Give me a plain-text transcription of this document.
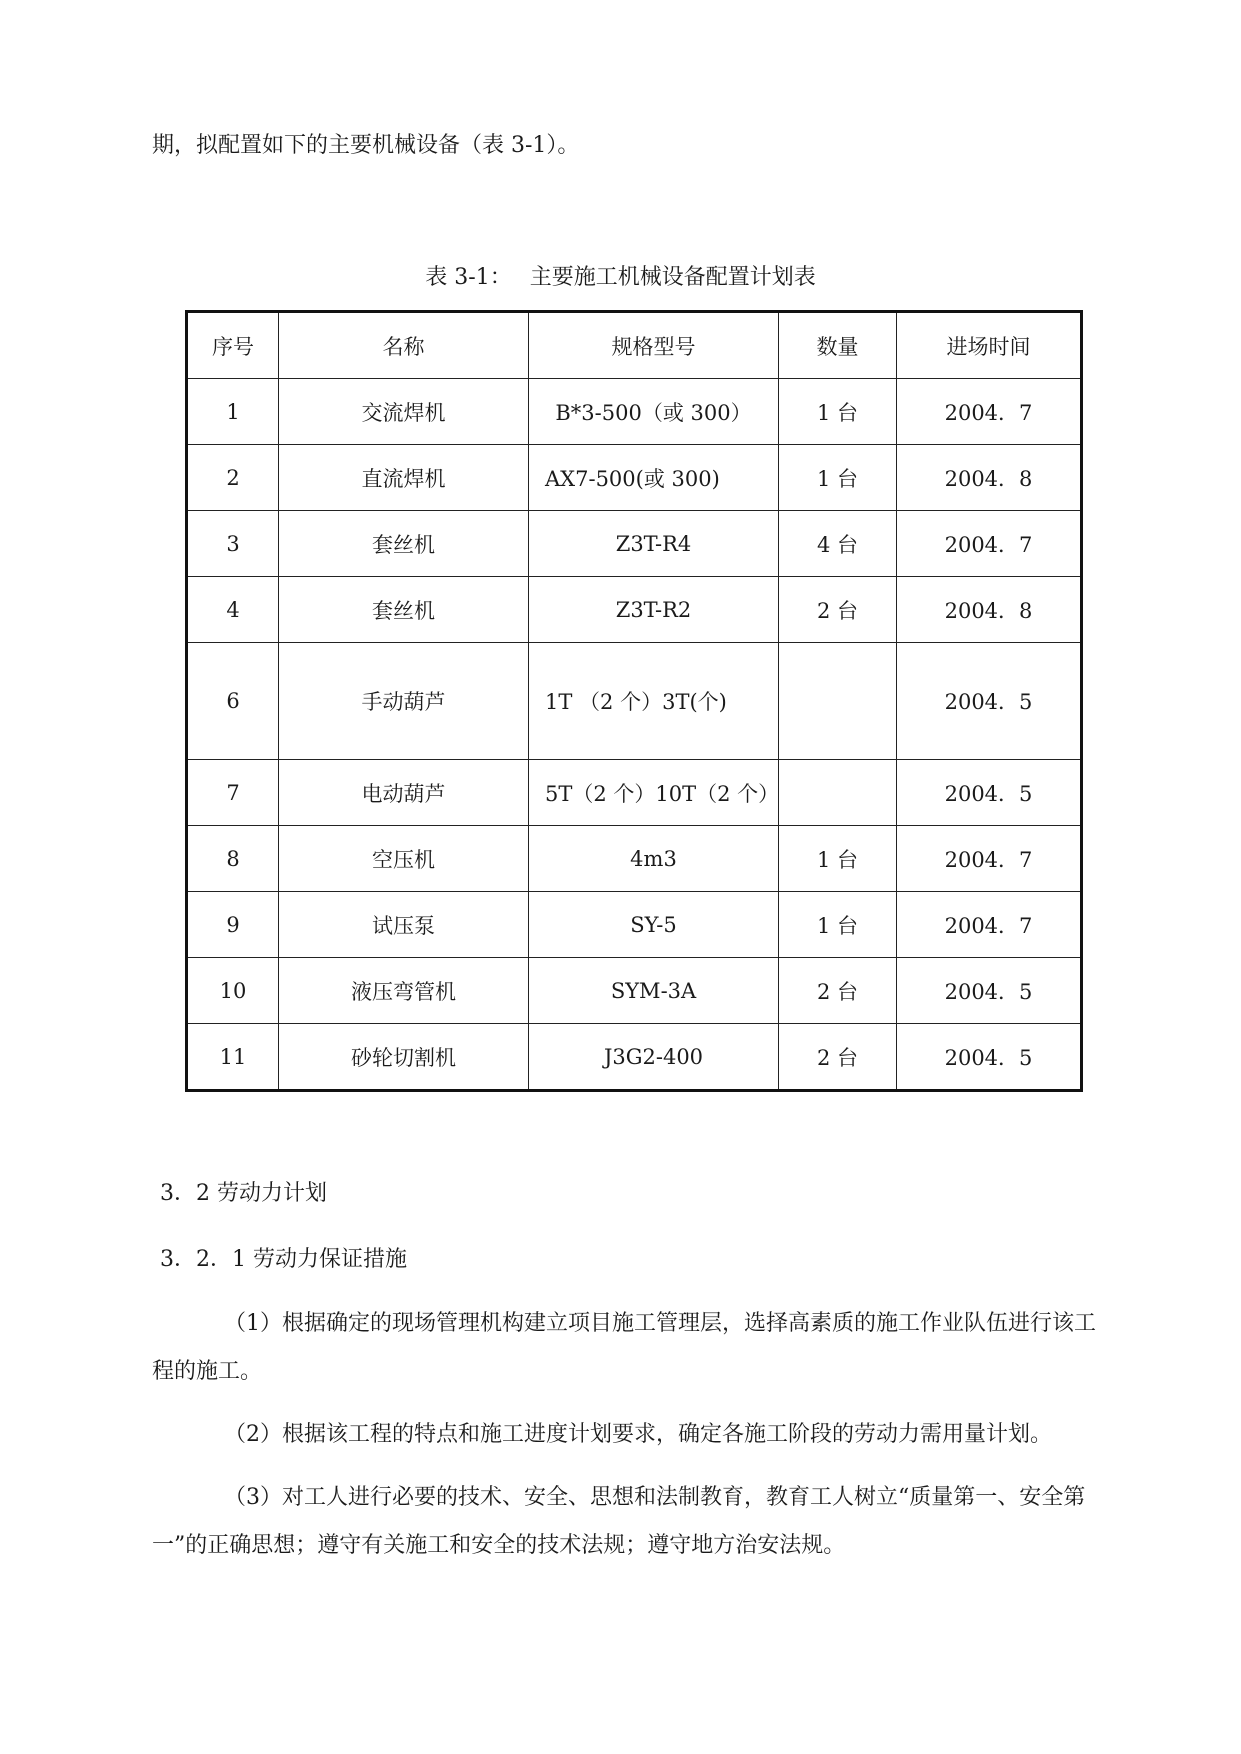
期，拟配置如下的主要机械设备（表 3-1）。
表 3-1： 主要施工机械设备配置计划表
序号	名称	规格型号	数量	进场时间
1	交流焊机	B*3-500（或 300）	1 台	2004．7
2	直流焊机	AX7-500(或 300)	1 台	2004．8
3	套丝机	Z3T-R4	4 台	2004．7
4	套丝机	Z3T-R2	2 台	2004．8
6	手动葫芦	1T （2 个）3T(个)		2004．5
7	电动葫芦	5T（2 个）10T（2 个）		2004．5
8	空压机	4m3	1 台	2004．7
9	试压泵	SY-5	1 台	2004．7
10	液压弯管机	SYM-3A	2 台	2004．5
11	砂轮切割机	J3G2-400	2 台	2004．5
3．2 劳动力计划
3．2．1 劳动力保证措施
（1）根据确定的现场管理机构建立项目施工管理层，选择高素质的施工作业队伍进行该工程的施工。
（2）根据该工程的特点和施工进度计划要求，确定各施工阶段的劳动力需用量计划。
（3）对工人进行必要的技术、安全、思想和法制教育，教育工人树立“质量第一、安全第一”的正确思想；遵守有关施工和安全的技术法规；遵守地方治安法规。
